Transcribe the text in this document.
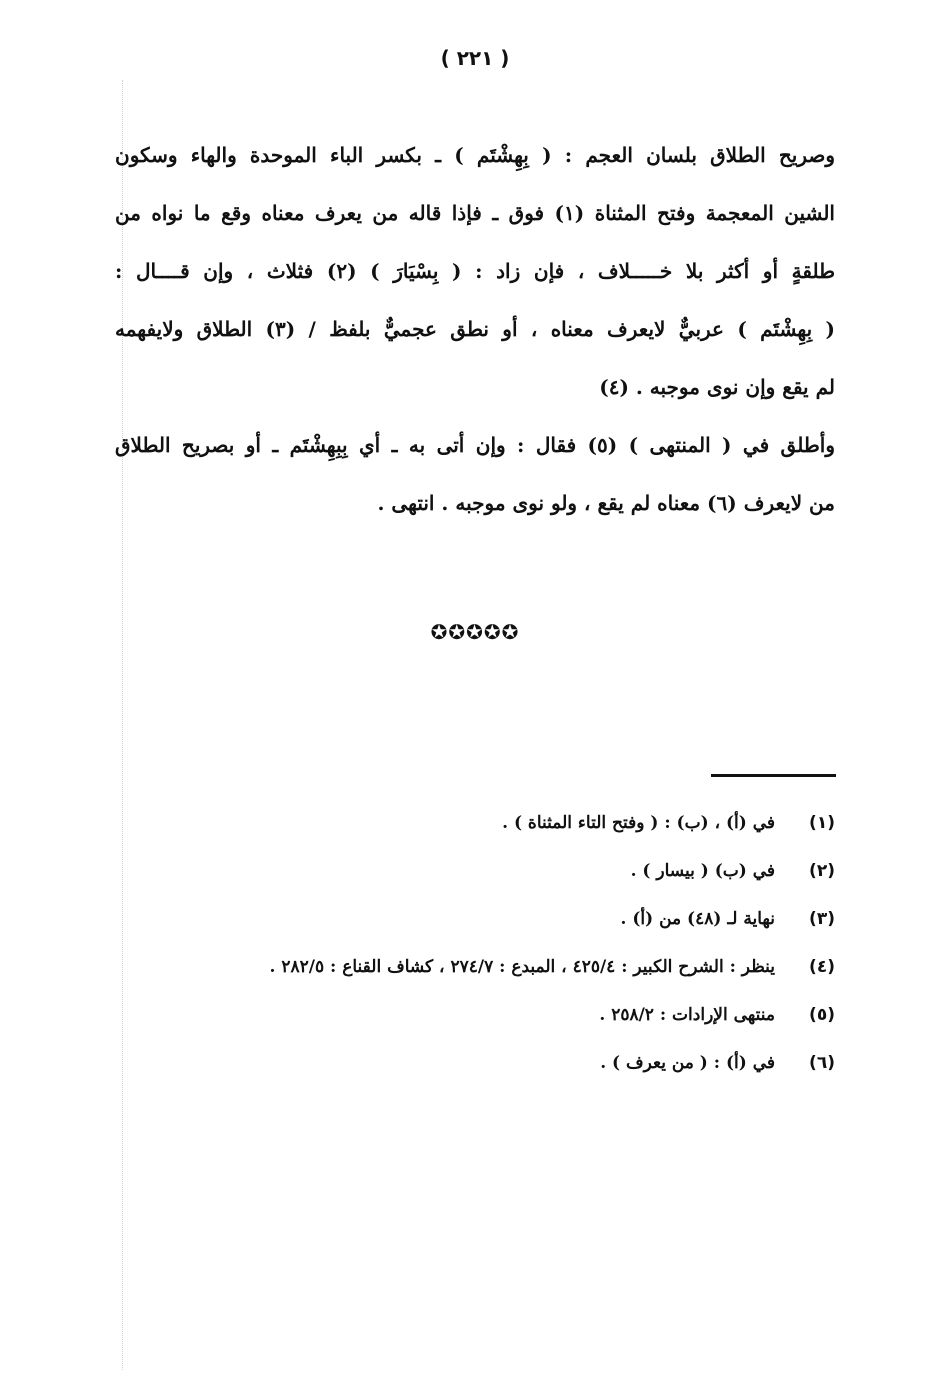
( ٢٢١ )
وصريح الطلاق بلسان العجم : ( بِهِشْتَم ) ـ بكسر الباء الموحدة والهاء وسكون
الشين المعجمة وفتح المثناة (١) فوق ـ فإذا قاله من يعرف معناه وقع ما نواه من
طلقةٍ أو أكثر بلا خـــــلاف ، فإن زاد : ( بِسْيَارَ ) (٢) فثلاث ، وإن قــــال :
( بِهِشْتَم ) عربيٌّ لايعرف معناه ، أو نطق عجميٌّ بلفظ / (٣) الطلاق ولايفهمه
لم يقع وإن نوى موجبه . (٤)
وأطلق في ( المنتهى ) (٥) فقال : وإن أتى به ـ أي بِبِهِشْتَم ـ أو بصريح الطلاق
من لايعرف (٦) معناه لم يقع ، ولو نوى موجبه . انتهى .
✪✪✪✪✪
(١)
في (أ) ، (ب) : ( وفتح التاء المثناة ) .
(٢)
في (ب) ( بيسار ) .
(٣)
نهاية لـ (٤٨) من (أ) .
(٤)
ينظر : الشرح الكبير : ٤٢٥/٤ ، المبدع : ٢٧٤/٧ ، كشاف القناع : ٢٨٢/٥ .
(٥)
منتهى الإرادات : ٢٥٨/٢ .
(٦)
في (أ) : ( من يعرف ) .
